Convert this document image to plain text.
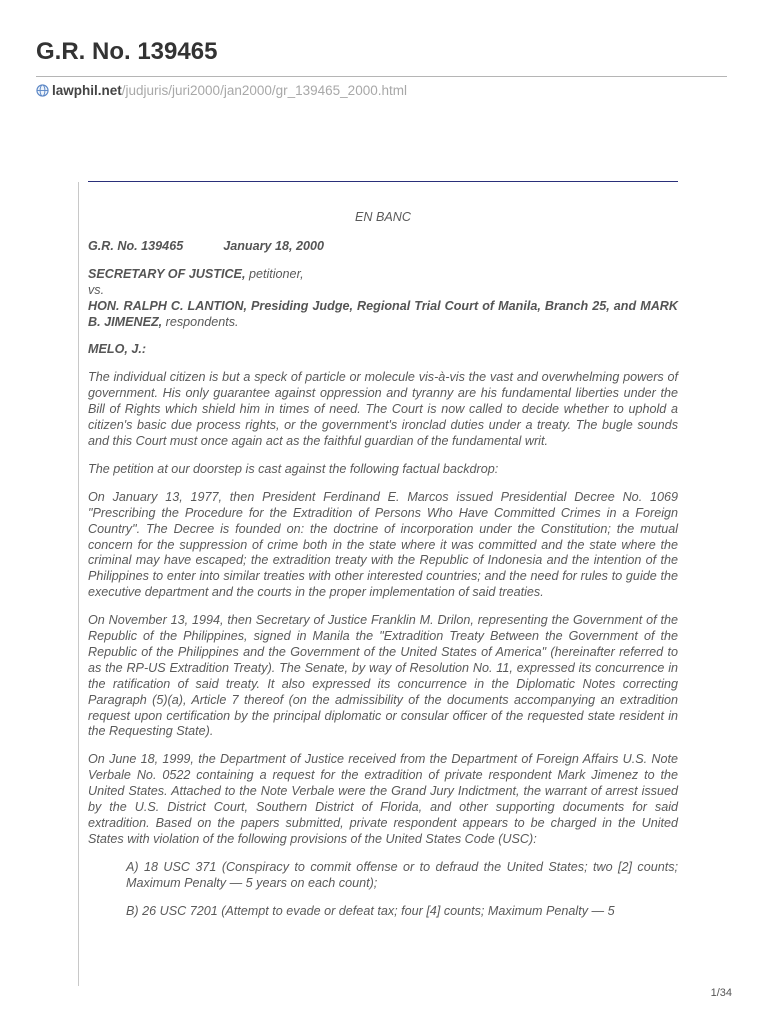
G.R. No. 139465
lawphil.net/judjuris/juri2000/jan2000/gr_139465_2000.html

EN BANC

G.R. No. 139465	January 18, 2000

SECRETARY OF JUSTICE, petitioner,
vs.
HON. RALPH C. LANTION, Presiding Judge, Regional Trial Court of Manila, Branch 25, and MARK B. JIMENEZ, respondents.

MELO, J.:

The individual citizen is but a speck of particle or molecule vis-à-vis the vast and overwhelming powers of government. His only guarantee against oppression and tyranny are his fundamental liberties under the Bill of Rights which shield him in times of need. The Court is now called to decide whether to uphold a citizen's basic due process rights, or the government's ironclad duties under a treaty. The bugle sounds and this Court must once again act as the faithful guardian of the fundamental writ.

The petition at our doorstep is cast against the following factual backdrop:

On January 13, 1977, then President Ferdinand E. Marcos issued Presidential Decree No. 1069 "Prescribing the Procedure for the Extradition of Persons Who Have Committed Crimes in a Foreign Country". The Decree is founded on: the doctrine of incorporation under the Constitution; the mutual concern for the suppression of crime both in the state where it was committed and the state where the criminal may have escaped; the extradition treaty with the Republic of Indonesia and the intention of the Philippines to enter into similar treaties with other interested countries; and the need for rules to guide the executive department and the courts in the proper implementation of said treaties.

On November 13, 1994, then Secretary of Justice Franklin M. Drilon, representing the Government of the Republic of the Philippines, signed in Manila the "Extradition Treaty Between the Government of the Republic of the Philippines and the Government of the United States of America" (hereinafter referred to as the RP-US Extradition Treaty). The Senate, by way of Resolution No. 11, expressed its concurrence in the ratification of said treaty. It also expressed its concurrence in the Diplomatic Notes correcting Paragraph (5)(a), Article 7 thereof (on the admissibility of the documents accompanying an extradition request upon certification by the principal diplomatic or consular officer of the requested state resident in the Requesting State).

On June 18, 1999, the Department of Justice received from the Department of Foreign Affairs U.S. Note Verbale No. 0522 containing a request for the extradition of private respondent Mark Jimenez to the United States. Attached to the Note Verbale were the Grand Jury Indictment, the warrant of arrest issued by the U.S. District Court, Southern District of Florida, and other supporting documents for said extradition. Based on the papers submitted, private respondent appears to be charged in the United States with violation of the following provisions of the United States Code (USC):

A) 18 USC 371 (Conspiracy to commit offense or to defraud the United States; two [2] counts; Maximum Penalty — 5 years on each count);

B) 26 USC 7201 (Attempt to evade or defeat tax; four [4] counts; Maximum Penalty — 5

1/34
